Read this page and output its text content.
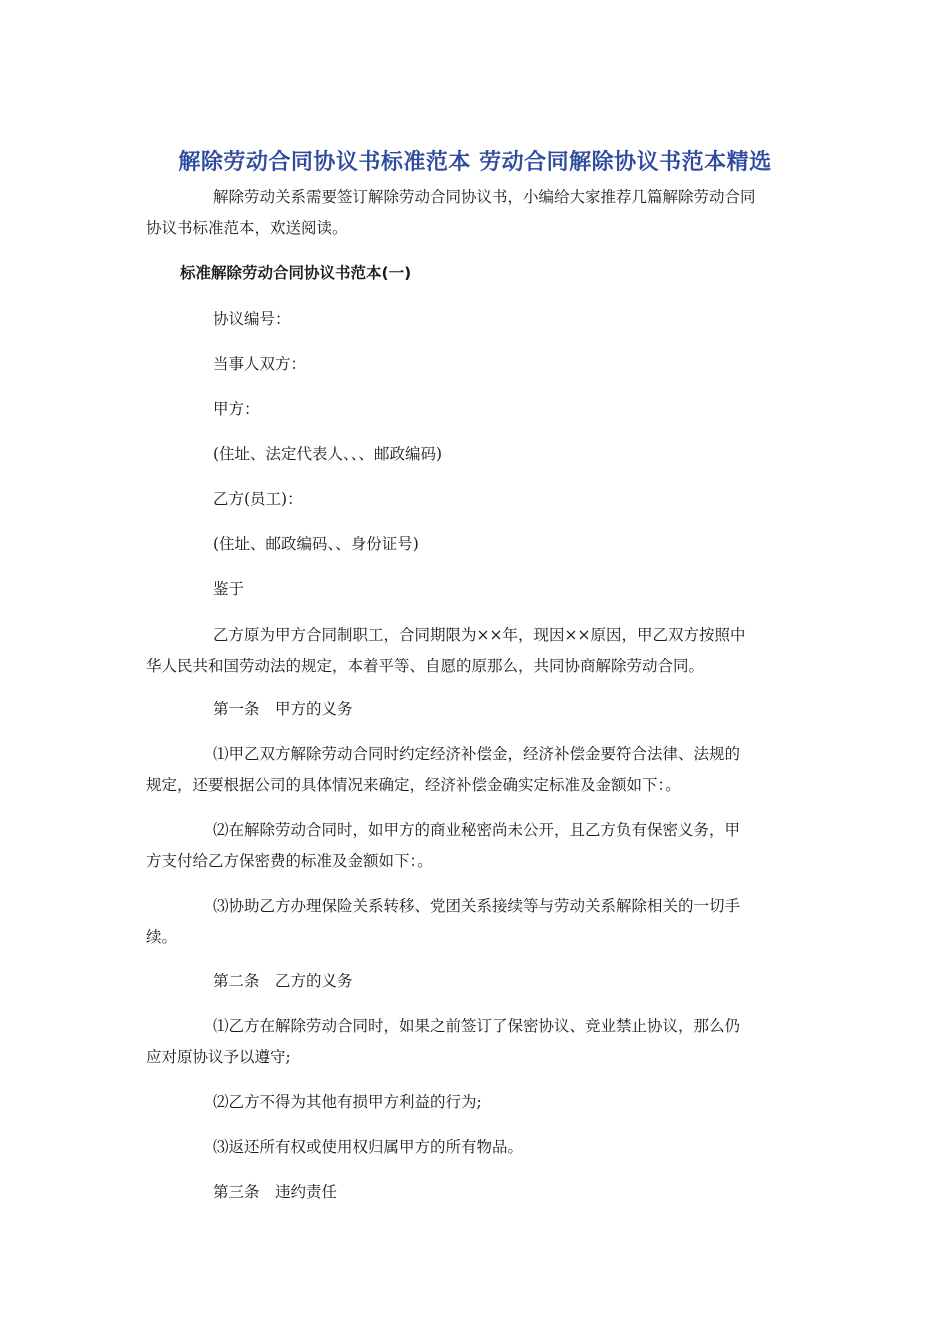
解除劳动合同协议书标准范本 劳动合同解除协议书范本精选

解除劳动关系需要签订解除劳动合同协议书，小编给大家推荐几篇解除劳动合同

协议书标准范本，欢送阅读。

标准解除劳动合同协议书范本(一)

协议编号：

当事人双方：

甲方：

(住址、法定代表人、、、邮政编码)

乙方(员工)：

(住址、邮政编码、、身份证号)

鉴于

乙方原为甲方合同制职工，合同期限为××年，现因××原因，甲乙双方按照中

华人民共和国劳动法的规定，本着平等、自愿的原那么，共同协商解除劳动合同。

第一条　甲方的义务

⑴甲乙双方解除劳动合同时约定经济补偿金，经济补偿金要符合法律、法规的

规定，还要根据公司的具体情况来确定，经济补偿金确实定标准及金额如下：。

⑵在解除劳动合同时，如甲方的商业秘密尚未公开，且乙方负有保密义务，甲

方支付给乙方保密费的标准及金额如下：。

⑶协助乙方办理保险关系转移、党团关系接续等与劳动关系解除相关的一切手

续。

第二条　乙方的义务

⑴乙方在解除劳动合同时，如果之前签订了保密协议、竞业禁止协议，那么仍

应对原协议予以遵守;

⑵乙方不得为其他有损甲方利益的行为;

⑶返还所有权或使用权归属甲方的所有物品。

第三条　违约责任
